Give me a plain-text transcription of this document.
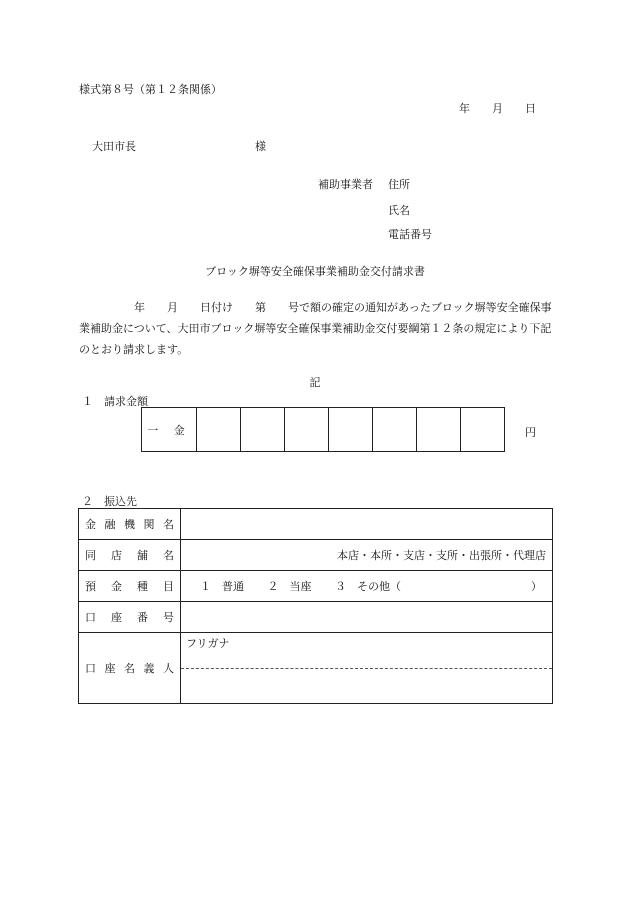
様式第８号（第１２条関係）
年 月 日
大田市長	様
補助事業者 住所
氏名
電話番号
ブロック塀等安全確保事業補助金交付請求書
　　　　　年　　月　　日付け　　第　　号で額の確定の通知があったブロック塀等安全確保事業補助金について、大田市ブロック塀等安全確保事業補助金交付要綱第１２条の規定により下記のとおり請求します。
記
１　請求金額
一 金								円
２　振込先
金 融 機 関 名	

同 店 舗 名	本店・本所・支店・支所・出張所・代理店

預 金 種 目	１　普通 ２　当座 ３　その他（ ）

口 座 番 号	

口 座 名 義 人	フリガナ
